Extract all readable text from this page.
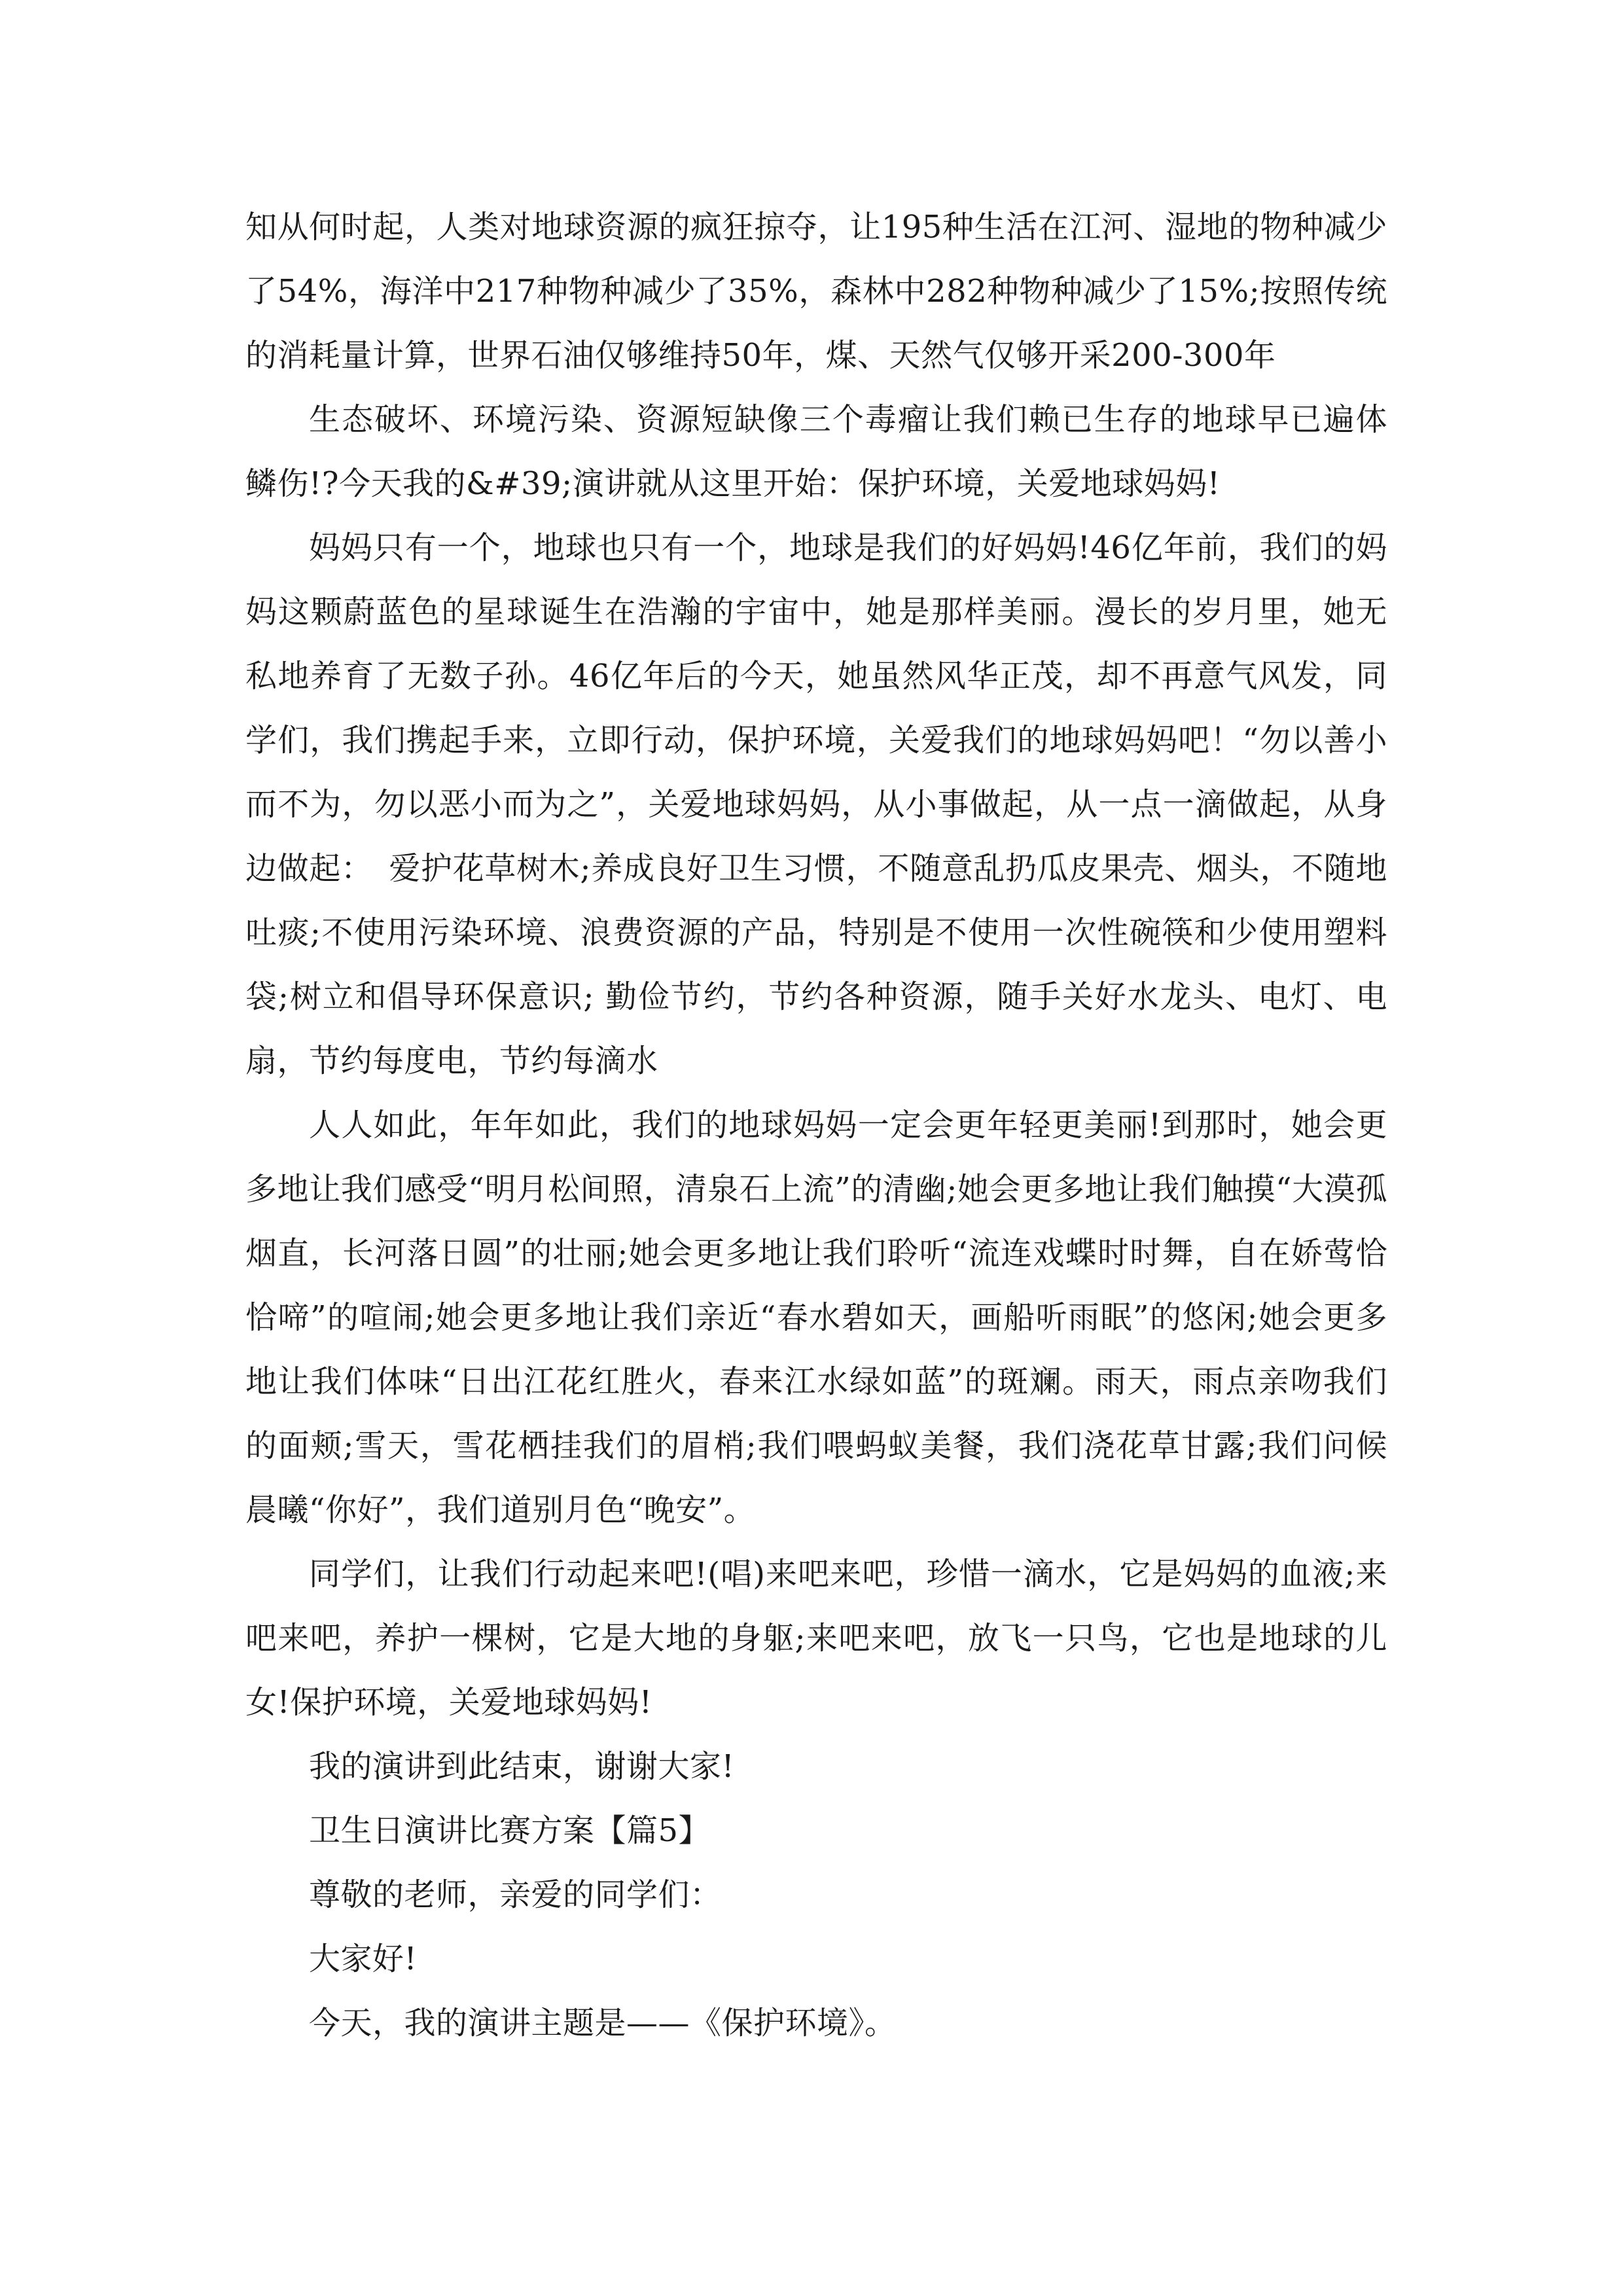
知从何时起，人类对地球资源的疯狂掠夺，让195种生活在江河、湿地的物种减少了54%，海洋中217种物种减少了35%，森林中282种物种减少了15%;按照传统的消耗量计算，世界石油仅够维持50年，煤、天然气仅够开采200-300年

生态破坏、环境污染、资源短缺像三个毒瘤让我们赖已生存的地球早已遍体鳞伤!?今天我的&#39;演讲就从这里开始：保护环境，关爱地球妈妈!

妈妈只有一个，地球也只有一个，地球是我们的好妈妈!46亿年前，我们的妈妈这颗蔚蓝色的星球诞生在浩瀚的宇宙中，她是那样美丽。漫长的岁月里，她无私地养育了无数子孙。46亿年后的今天，她虽然风华正茂，却不再意气风发，同学们，我们携起手来，立即行动，保护环境，关爱我们的地球妈妈吧！“勿以善小而不为，勿以恶小而为之”，关爱地球妈妈，从小事做起，从一点一滴做起，从身边做起：　爱护花草树木;养成良好卫生习惯，不随意乱扔瓜皮果壳、烟头，不随地吐痰;不使用污染环境、浪费资源的产品，特别是不使用一次性碗筷和少使用塑料袋;树立和倡导环保意识; 勤俭节约，节约各种资源，随手关好水龙头、电灯、电扇，节约每度电，节约每滴水

人人如此，年年如此，我们的地球妈妈一定会更年轻更美丽!到那时，她会更多地让我们感受“明月松间照，清泉石上流”的清幽;她会更多地让我们触摸“大漠孤烟直，长河落日圆”的壮丽;她会更多地让我们聆听“流连戏蝶时时舞，自在娇莺恰恰啼”的喧闹;她会更多地让我们亲近“春水碧如天，画船听雨眠”的悠闲;她会更多地让我们体味“日出江花红胜火，春来江水绿如蓝”的斑斓。雨天，雨点亲吻我们的面颊;雪天，雪花栖挂我们的眉梢;我们喂蚂蚁美餐，我们浇花草甘露;我们问候晨曦“你好”，我们道别月色“晚安”。

同学们，让我们行动起来吧!(唱)来吧来吧，珍惜一滴水，它是妈妈的血液;来吧来吧，养护一棵树，它是大地的身躯;来吧来吧，放飞一只鸟，它也是地球的儿女!保护环境，关爱地球妈妈!

我的演讲到此结束，谢谢大家!

卫生日演讲比赛方案【篇5】

尊敬的老师，亲爱的同学们：

大家好!

今天，我的演讲主题是——《保护环境》。
